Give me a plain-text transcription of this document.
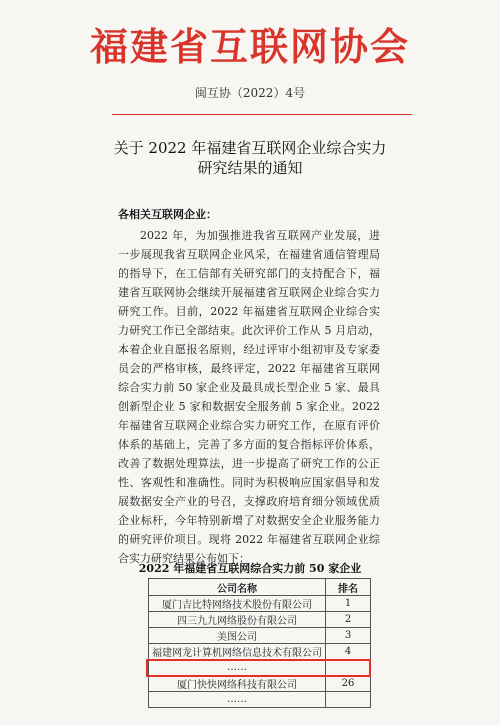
福建省互联网协会
闽互协（2022）4号
关于 2022 年福建省互联网企业综合实力
研究结果的通知
各相关互联网企业：

2022 年，为加强推进我省互联网产业发展，进一步展现我省互联网企业风采，在福建省通信管理局的指导下，在工信部有关研究部门的支持配合下，福建省互联网协会继续开展福建省互联网企业综合实力研究工作。目前，2022 年福建省互联网企业综合实力研究工作已全部结束。此次评价工作从 5 月启动，本着企业自愿报名原则，经过评审小组初审及专家委员会的严格审核，最终评定，2022 年福建省互联网综合实力前 50 家企业及最具成长型企业 5 家、最具创新型企业 5 家和数据安全服务前 5 家企业。2022 年福建省互联网企业综合实力研究工作，在原有评价体系的基础上，完善了多方面的复合指标评价体系，改善了数据处理算法，进一步提高了研究工作的公正性、客观性和准确性。同时为积极响应国家倡导和发展数据安全产业的号召，支撑政府培育细分领域优质企业标杆，今年特别新增了对数据安全企业服务能力的研究评价项目。现将 2022 年福建省互联网企业综合实力研究结果公布如下：

2022 年福建省互联网综合实力前 50 家企业
公司名称	排名
厦门吉比特网络技术股份有限公司	1
四三九九网络股份有限公司	2
美图公司	3
福建网龙计算机网络信息技术有限公司	4
……	
厦门快快网络科技有限公司	26
……	
